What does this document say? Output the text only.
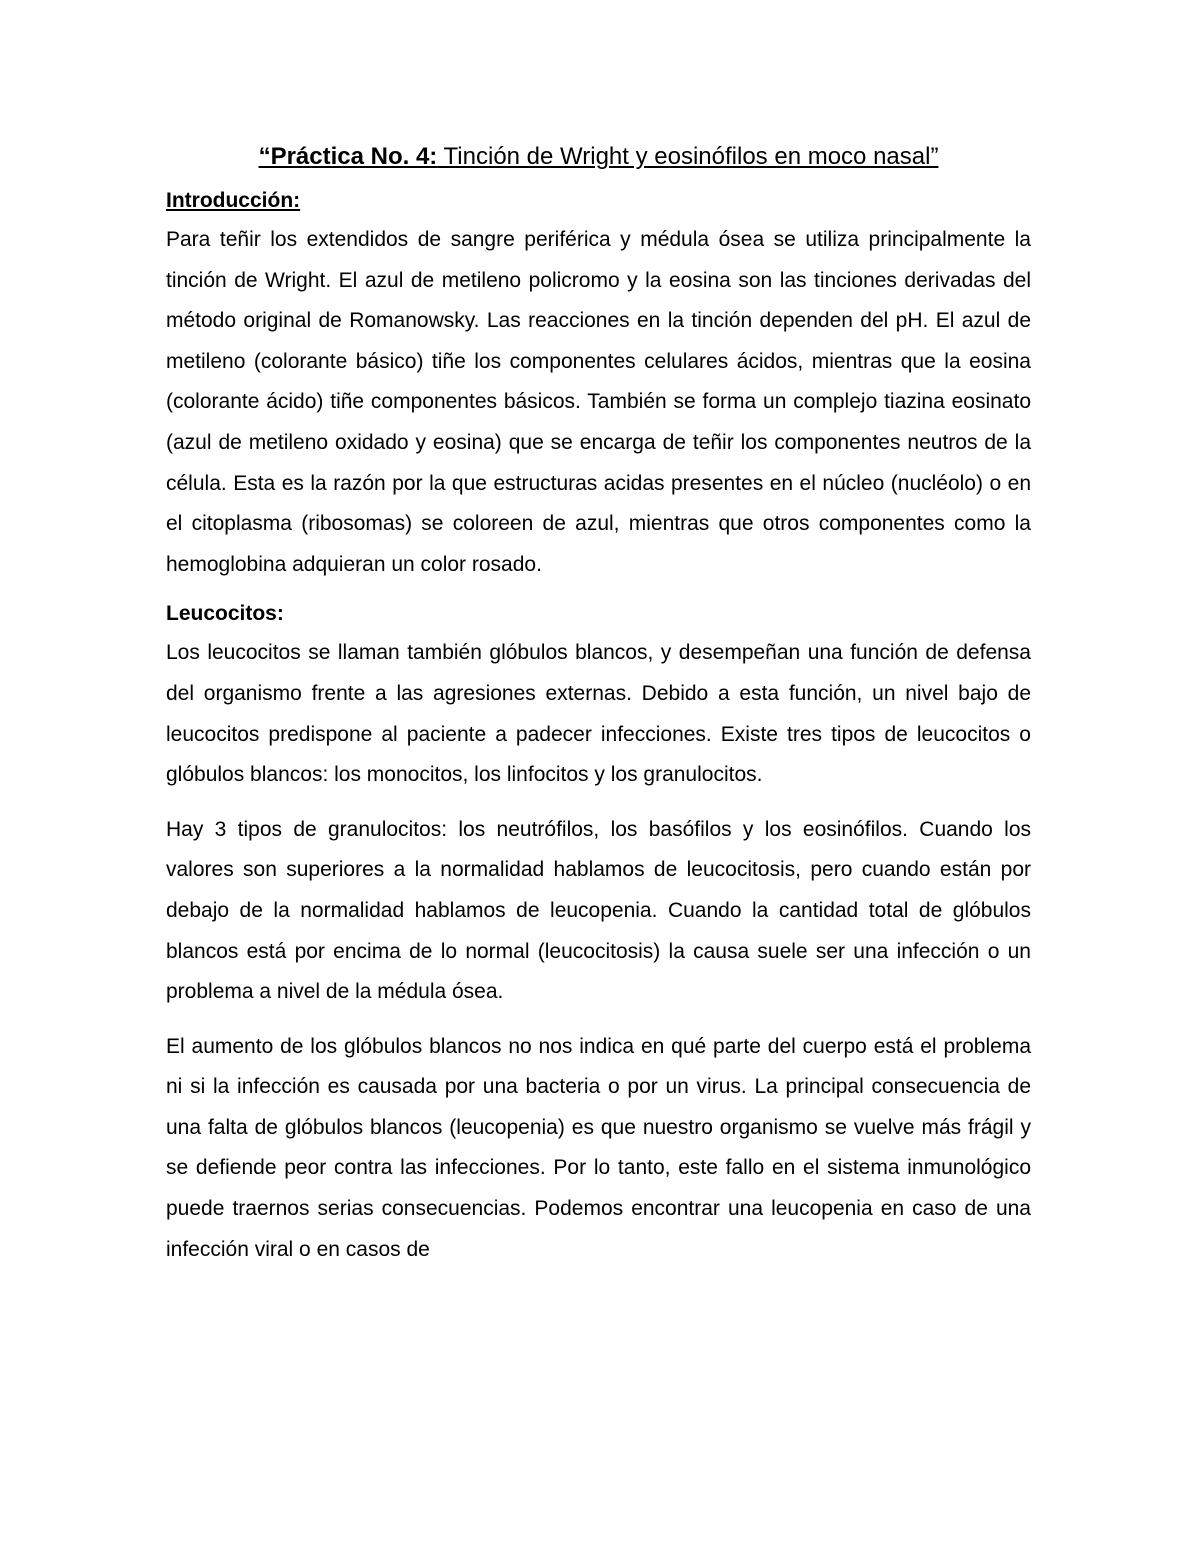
“Práctica No. 4: Tinción de Wright y eosinófilos en moco nasal”
Introducción:

Para teñir los extendidos de sangre periférica y médula ósea se utiliza principalmente la tinción de Wright. El azul de metileno policromo y la eosina son las tinciones derivadas del método original de Romanowsky. Las reacciones en la tinción dependen del pH. El azul de metileno (colorante básico) tiñe los componentes celulares ácidos, mientras que la eosina (colorante ácido) tiñe componentes básicos. También se forma un complejo tiazina eosinato (azul de metileno oxidado y eosina) que se encarga de teñir los componentes neutros de la célula. Esta es la razón por la que estructuras acidas presentes en el núcleo (nucléolo) o en el citoplasma (ribosomas) se coloreen de azul, mientras que otros componentes como la hemoglobina adquieran un color rosado.

Leucocitos:

Los leucocitos se llaman también glóbulos blancos, y desempeñan una función de defensa del organismo frente a las agresiones externas. Debido a esta función, un nivel bajo de leucocitos predispone al paciente a padecer infecciones. Existe tres tipos de leucocitos o glóbulos blancos: los monocitos, los linfocitos y los granulocitos.

Hay 3 tipos de granulocitos: los neutrófilos, los basófilos y los eosinófilos. Cuando los valores son superiores a la normalidad hablamos de leucocitosis, pero cuando están por debajo de la normalidad hablamos de leucopenia. Cuando la cantidad total de glóbulos blancos está por encima de lo normal (leucocitosis) la causa suele ser una infección o un problema a nivel de la médula ósea.

El aumento de los glóbulos blancos no nos indica en qué parte del cuerpo está el problema ni si la infección es causada por una bacteria o por un virus. La principal consecuencia de una falta de glóbulos blancos (leucopenia) es que nuestro organismo se vuelve más frágil y se defiende peor contra las infecciones. Por lo tanto, este fallo en el sistema inmunológico puede traernos serias consecuencias. Podemos encontrar una leucopenia en caso de una infección viral o en casos de
